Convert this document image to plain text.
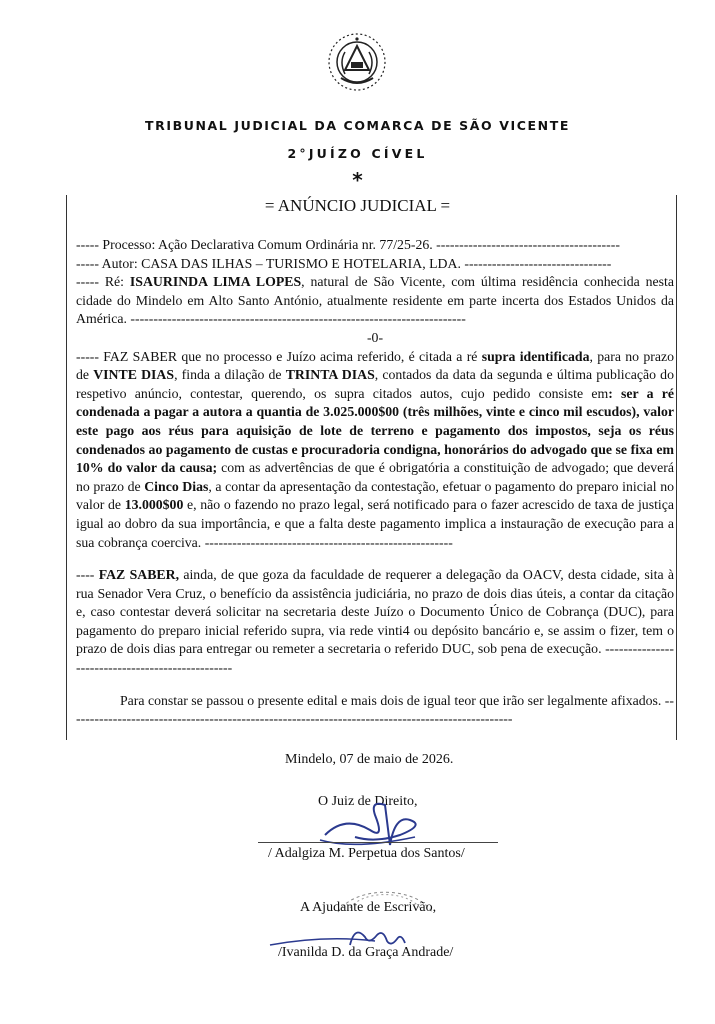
TRIBUNAL JUDICIAL DA COMARCA DE SÃO VICENTE
2°JUÍZO CÍVEL
*
= ANÚNCIO JUDICIAL =

----- Processo: Ação Declarativa Comum Ordinária nr. 77/25-26. ----------------------------------------

----- Autor: CASA DAS ILHAS – TURISMO E HOTELARIA, LDA. --------------------------------

----- Ré: ISAURINDA LIMA LOPES, natural de São Vicente, com última residência conhecida nesta cidade do Mindelo em Alto Santo António, atualmente residente em parte incerta dos Estados Unidos da América. -------------------------------------------------------------------------

-0-

----- FAZ SABER que no processo e Juízo acima referido, é citada a ré supra identificada, para no prazo de VINTE DIAS, finda a dilação de TRINTA DIAS, contados da data da segunda e última publicação do respetivo anúncio, contestar, querendo, os supra citados autos, cujo pedido consiste em: ser a ré condenada a pagar a autora a quantia de 3.025.000$00 (três milhões, vinte e cinco mil escudos), valor este pago aos réus para aquisição de lote de terreno e pagamento dos impostos, seja os réus condenados ao pagamento de custas e procuradoria condigna, honorários do advogado que se fixa em 10% do valor da causa; com as advertências de que é obrigatória a constituição de advogado; que deverá no prazo de Cinco Dias, a contar da apresentação da contestação, efetuar o pagamento do preparo inicial no valor de 13.000$00 e, não o fazendo no prazo legal, será notificado para o fazer acrescido de taxa de justiça igual ao dobro da sua importância, e que a falta deste pagamento implica a instauração de execução para a sua cobrança coerciva. ------------------------------------------------------

---- FAZ SABER, ainda, de que goza da faculdade de requerer a delegação da OACV, desta cidade, sita à rua Senador Vera Cruz, o benefício da assistência judiciária, no prazo de dois dias úteis, a contar da citação e, caso contestar deverá solicitar na secretaria deste Juízo o Documento Único de Cobrança (DUC), para pagamento do preparo inicial referido supra, via rede vinti4 ou depósito bancário e, se assim o fizer, tem o prazo de dois dias para entregar ou remeter a secretaria o referido DUC, sob pena de execução. -------------------------------------------------

Para constar se passou o presente edital e mais dois de igual teor que irão ser legalmente afixados. -------------------------------------------------------------------------------------------------

Mindelo, 07 de maio de 2026.
O Juiz de Direito,
/ Adalgiza M. Perpetua dos Santos/
A Ajudante de Escrivão,
/Ivanilda D. da Graça Andrade/
